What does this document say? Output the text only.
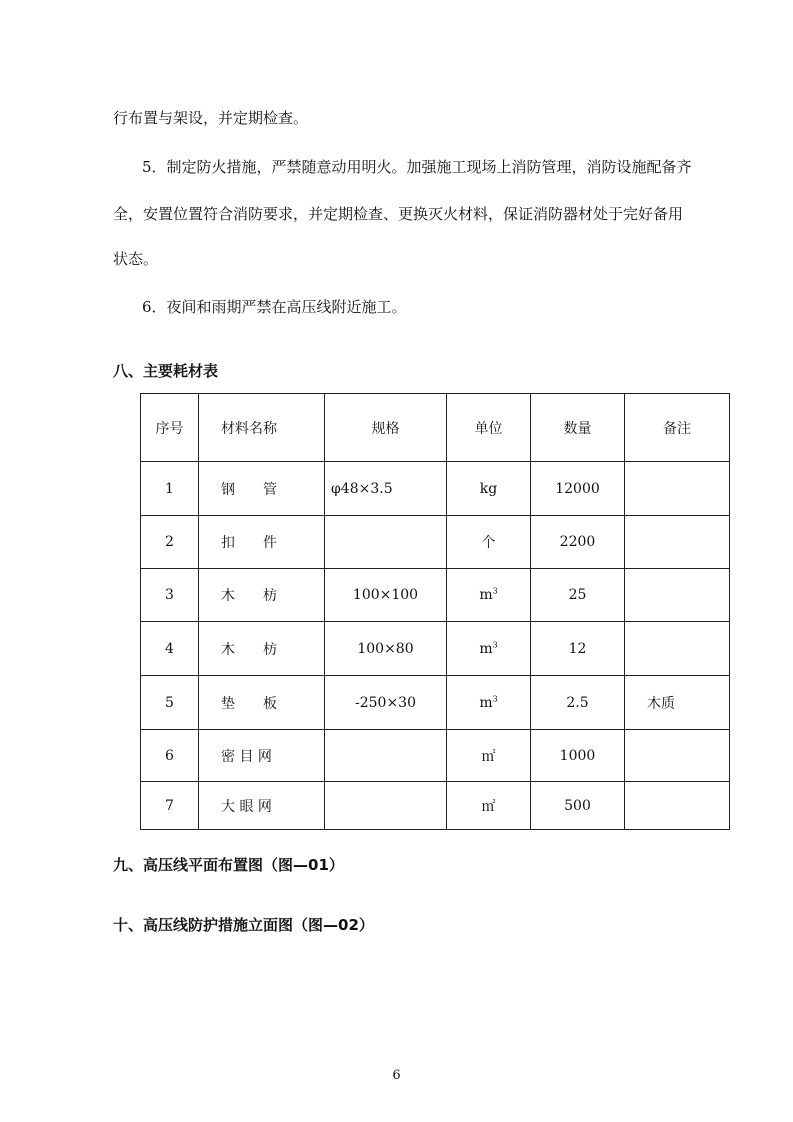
行布置与架设，并定期检查。
5．制定防火措施，严禁随意动用明火。加强施工现场上消防管理，消防设施配备齐
全，安置位置符合消防要求，并定期检查、更换灭火材料，保证消防器材处于完好备用
状态。
6．夜间和雨期严禁在高压线附近施工。
八、主要耗材表
序号	材料名称	规格	单位	数量	备注
1	钢　　管	φ48×3.5	kg	12000	
2	扣　　件		个	2200	
3	木　　枋	100×100	$m^3$	25	
4	木　　枋	100×80	$m^3$	12	
5	垫　　板	-250×30	$m^3$	2.5	木质
6	密 目 网		㎡	1000	
7	大 眼 网		㎡	500	
九、高压线平面布置图（图—01）
十、高压线防护措施立面图（图—02）
6
